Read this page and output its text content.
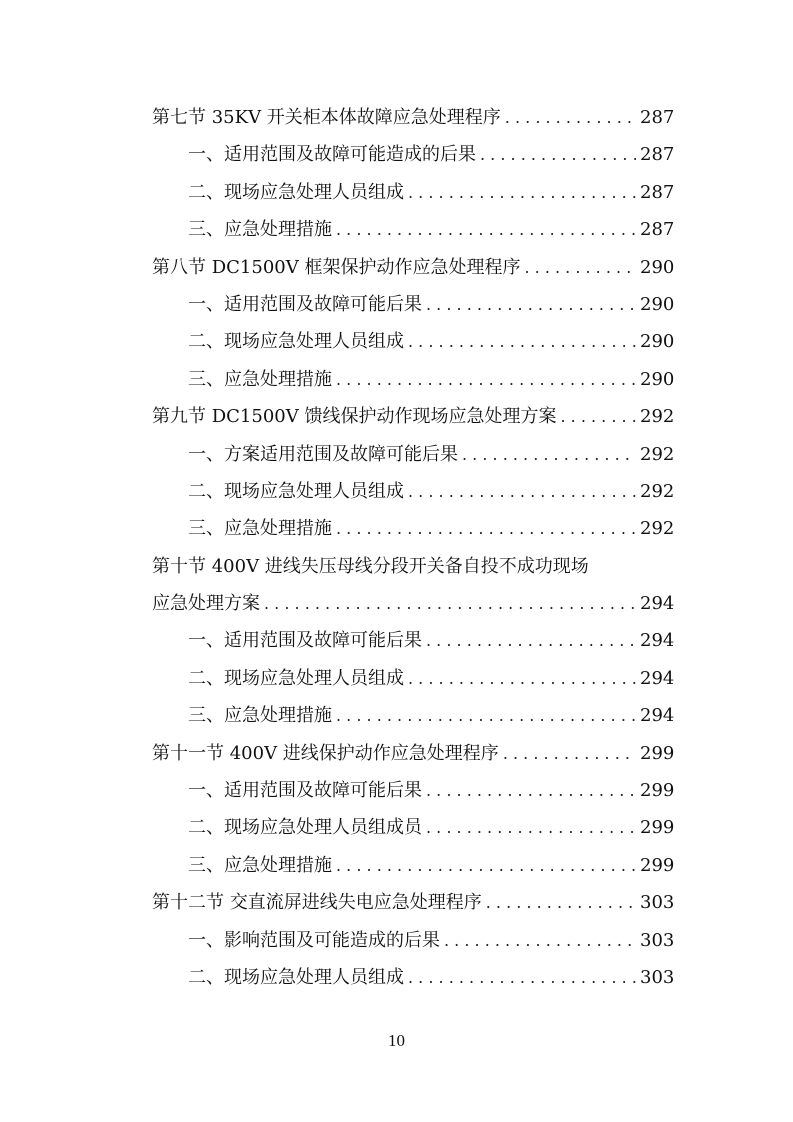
第七节 35KV 开关柜本体故障应急处理程序 . . .	287
一、适用范围及故障可能造成的后果 . . .	287
二、现场应急处理人员组成 . . .	287
三、应急处理措施 . . .	287
第八节 DC1500V 框架保护动作应急处理程序 . . .	290
一、适用范围及故障可能后果 . . .	290
二、现场应急处理人员组成 . . .	290
三、应急处理措施 . . .	290
第九节 DC1500V 馈线保护动作现场应急处理方案 . . .	292
一、方案适用范围及故障可能后果 . . .	292
二、现场应急处理人员组成 . . .	292
三、应急处理措施 . . .	292
第十节 400V 进线失压母线分段开关备自投不成功现场
应急处理方案 . . .	294
一、适用范围及故障可能后果 . . .	294
二、现场应急处理人员组成 . . .	294
三、应急处理措施 . . .	294
第十一节 400V 进线保护动作应急处理程序 . . .	299
一、适用范围及故障可能后果 . . .	299
二、现场应急处理人员组成员 . . .	299
三、应急处理措施 . . .	299
第十二节 交直流屏进线失电应急处理程序 . . .	303
一、影响范围及可能造成的后果 . . .	303
二、现场应急处理人员组成 . . .	303
10
